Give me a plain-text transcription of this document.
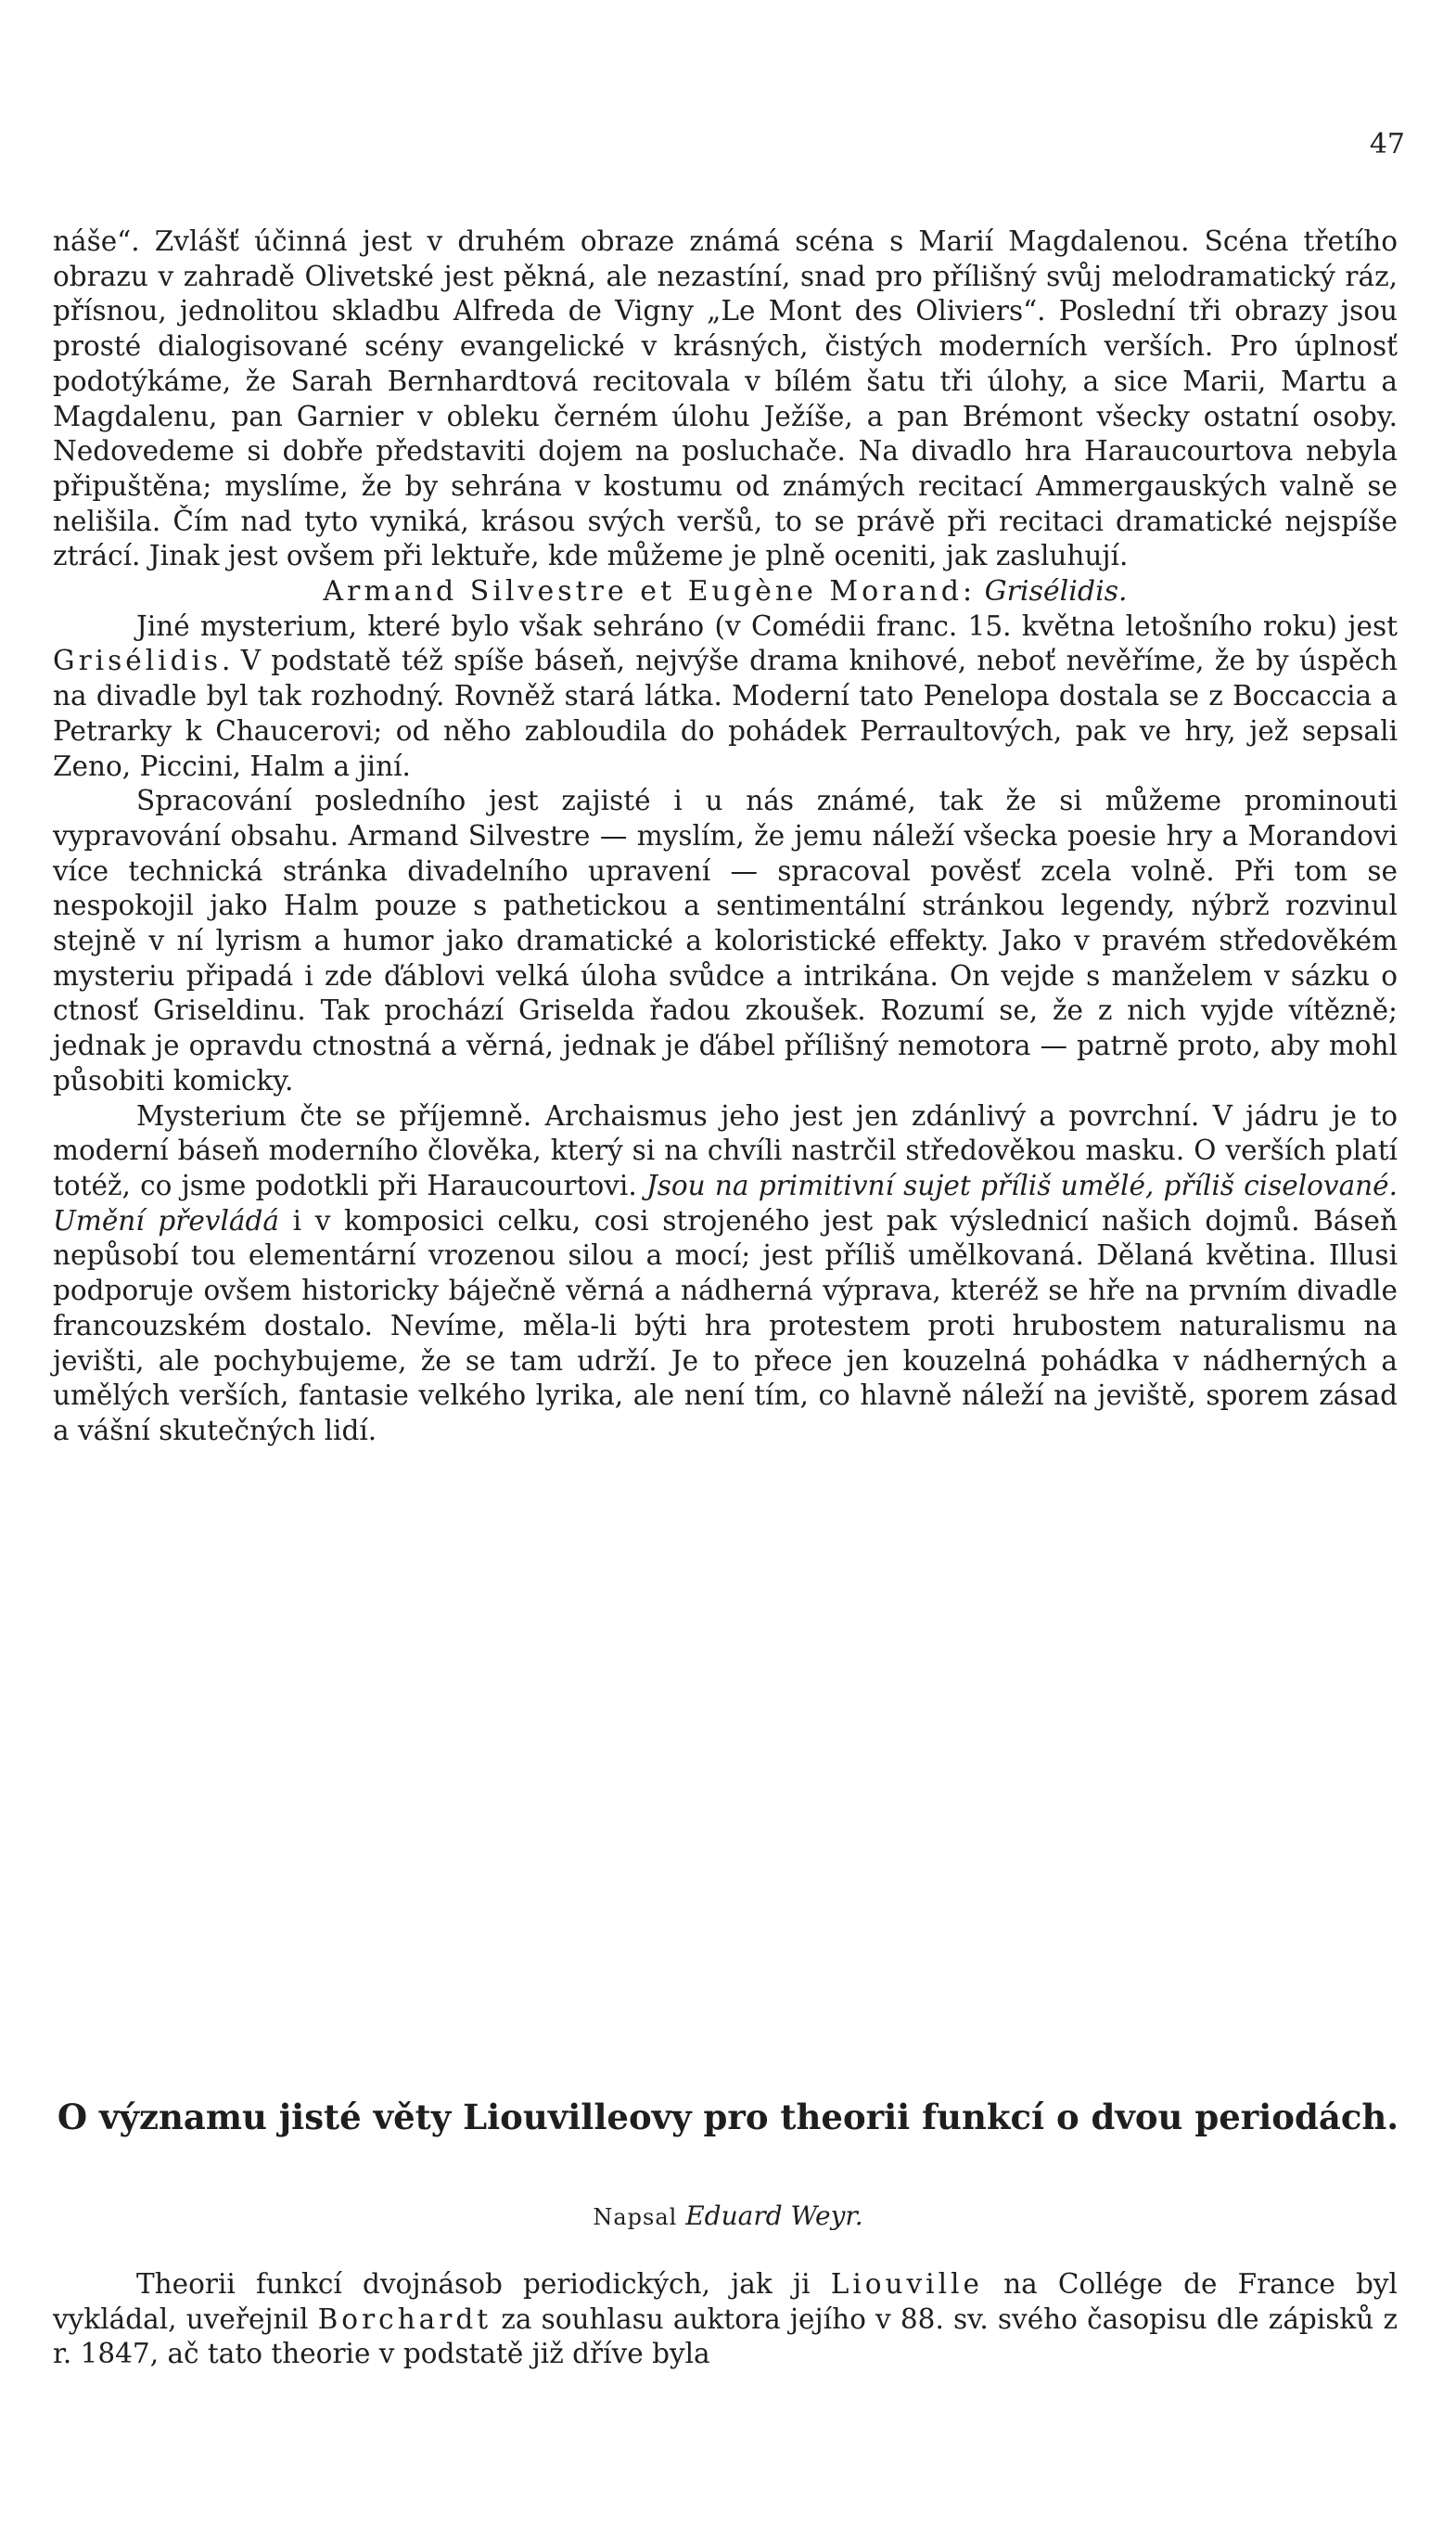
47

náše“. Zvlášť účinná jest v druhém obraze známá scéna s Marií Magdalenou. Scéna třetího obrazu v zahradě Olivetské jest pěkná, ale nezastíní, snad pro přílišný svůj melodramatický ráz, přísnou, jednolitou skladbu Alfreda de Vigny „Le Mont des Oliviers“. Poslední tři obrazy jsou prosté dialogisované scény evangelické v krásných, čistých moderních verších. Pro úplnosť podotýkáme, že Sarah Bernhardtová recitovala v bílém šatu tři úlohy, a sice Marii, Martu a Magdalenu, pan Garnier v obleku černém úlohu Ježíše, a pan Brémont všecky ostatní osoby. Nedovedeme si dobře představiti dojem na posluchače. Na divadlo hra Haraucourtova nebyla připuštěna; myslíme, že by sehrána v kostumu od známých recitací Ammergauských valně se nelišila. Čím nad tyto vyniká, krásou svých veršů, to se právě při recitaci dramatické nejspíše ztrácí. Jinak jest ovšem při lektuře, kde můžeme je plně oceniti, jak zasluhují.

Armand Silvestre et Eugène Morand: Grisélidis.

Jiné mysterium, které bylo však sehráno (v Comédii franc. 15. května letošního roku) jest Grisélidis. V podstatě též spíše báseň, nejvýše drama knihové, neboť nevěříme, že by úspěch na divadle byl tak rozhodný. Rovněž stará látka. Moderní tato Penelopa dostala se z Boccaccia a Petrarky k Chaucerovi; od něho zabloudila do pohádek Perraultových, pak ve hry, jež sepsali Zeno, Piccini, Halm a jiní.

Spracování posledního jest zajisté i u nás známé, tak že si můžeme prominouti vypravování obsahu. Armand Silvestre — myslím, že jemu náleží všecka poesie hry a Morandovi více technická stránka divadelního upravení — spracoval pověsť zcela volně. Při tom se nespokojil jako Halm pouze s pathetickou a sentimentální stránkou legendy, nýbrž rozvinul stejně v ní lyrism a humor jako dramatické a koloristické effekty. Jako v pravém středověkém mysteriu připadá i zde ďáblovi velká úloha svůdce a intrikána. On vejde s manželem v sázku o ctnosť Griseldinu. Tak prochází Griselda řadou zkoušek. Rozumí se, že z nich vyjde vítězně; jednak je opravdu ctnostná a věrná, jednak je ďábel přílišný nemotora — patrně proto, aby mohl působiti komicky.

Mysterium čte se příjemně. Archaismus jeho jest jen zdánlivý a povrchní. V jádru je to moderní báseň moderního člověka, který si na chvíli nastrčil středověkou masku. O verších platí totéž, co jsme podotkli při Haraucourtovi. Jsou na primitivní sujet příliš umělé, příliš ciselované. Umění převládá i v komposici celku, cosi strojeného jest pak výslednicí našich dojmů. Báseň nepůsobí tou elementární vrozenou silou a mocí; jest příliš umělkovaná. Dělaná květina. Illusi podporuje ovšem historicky báječně věrná a nádherná výprava, kteréž se hře na prvním divadle francouzském dostalo. Nevíme, měla-li býti hra protestem proti hrubostem naturalismu na jevišti, ale pochybujeme, že se tam udrží. Je to přece jen kouzelná pohádka v nádherných a umělých verších, fantasie velkého lyrika, ale není tím, co hlavně náleží na jeviště, sporem zásad a vášní skutečných lidí.

O významu jisté věty Liouvilleovy pro theorii funkcí o dvou periodách.
Napsal Eduard Weyr.

Theorii funkcí dvojnásob periodických, jak ji Liouville na Collége de France byl vykládal, uveřejnil Borchardt za souhlasu auktora jejího v 88. sv. svého časopisu dle zápisků z r. 1847, ač tato theorie v podstatě již dříve byla
